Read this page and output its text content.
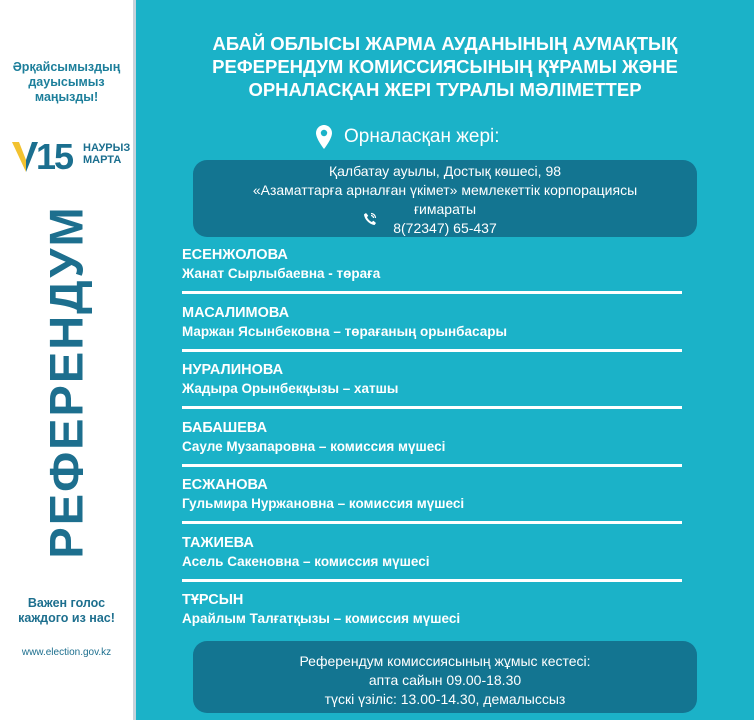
Әрқайсымыздың
дауысымыз
маңызды!
15 НАУРЫЗ
МАРТА
РЕФЕРЕНДУМ
Важен голос
каждого из нас!
www.election.gov.kz
АБАЙ ОБЛЫСЫ ЖАРМА АУДАНЫНЫҢ АУМАҚТЫҚ
РЕФЕРЕНДУМ КОМИССИЯСЫНЫҢ ҚҰРАМЫ ЖӘНЕ
ОРНАЛАСҚАН ЖЕРІ ТУРАЛЫ МӘЛІМЕТТЕР
Орналасқан жері:
Қалбатау ауылы, Достық көшесі, 98
«Азаматтарға арналған үкімет» мемлекеттік корпорациясы
ғимараты
8(72347) 65-437
ЕСЕНЖОЛОВА
Жанат Сырлыбаевна - төраға
МАСАЛИМОВА
Маржан Ясынбековна – төрағаның орынбасары
НУРАЛИНОВА
Жадыра Орынбекқызы – хатшы
БАБАШЕВА
Сауле Музапаровна – комиссия мүшесі
ЕСЖАНОВА
Гульмира Нуржановна – комиссия мүшесі
ТАЖИЕВА
Асель Сакеновна – комиссия мүшесі
ТҰРСЫН
Арайлым Талғатқызы – комиссия мүшесі
Референдум комиссиясының жұмыс кестесі:
апта сайын 09.00-18.30
түскі үзіліс: 13.00-14.30, демалыссыз
